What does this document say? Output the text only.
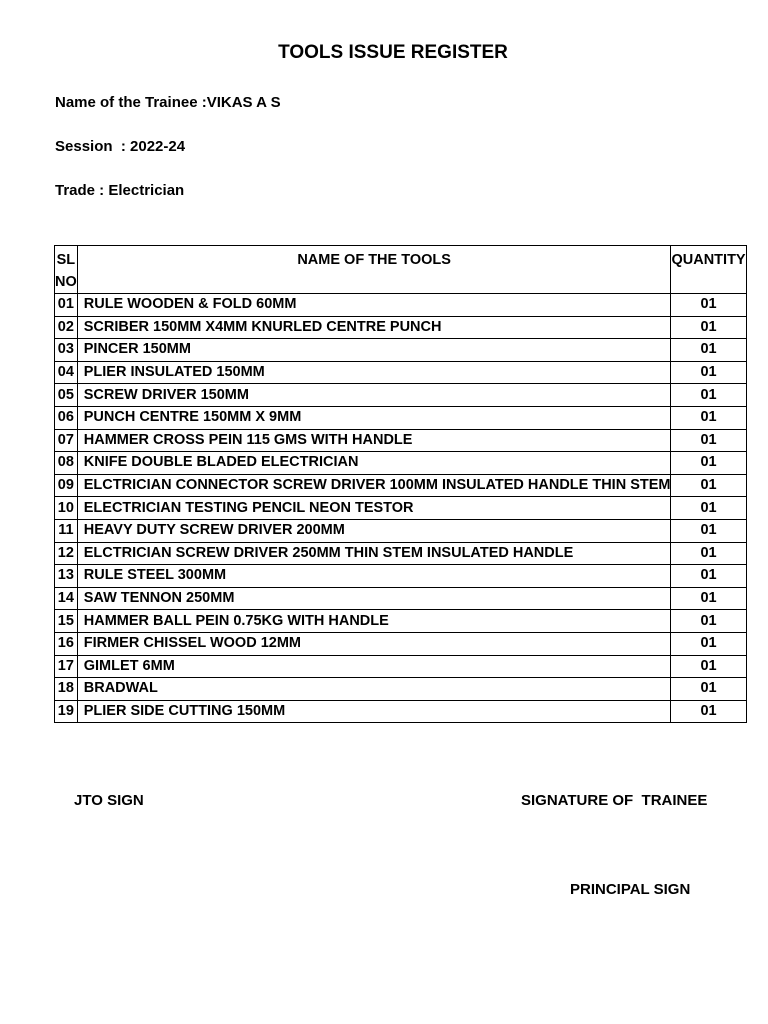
TOOLS ISSUE REGISTER
Name of the Trainee :VIKAS A S
Session  : 2022-24
Trade : Electrician
SL NO	NAME OF THE TOOLS	QUANTITY
01	RULE WOODEN & FOLD 60MM	01
02	SCRIBER 150MM X4MM KNURLED CENTRE PUNCH	01
03	PINCER 150MM	01
04	PLIER INSULATED 150MM	01
05	SCREW DRIVER 150MM	01
06	PUNCH CENTRE 150MM X 9MM	01
07	HAMMER CROSS PEIN 115 GMS WITH HANDLE	01
08	KNIFE DOUBLE BLADED ELECTRICIAN	01
09	ELCTRICIAN CONNECTOR SCREW DRIVER 100MM INSULATED HANDLE THIN STEM	01
10	ELECTRICIAN TESTING PENCIL NEON TESTOR	01
11	HEAVY DUTY SCREW DRIVER 200MM	01
12	ELCTRICIAN SCREW DRIVER 250MM THIN STEM INSULATED HANDLE	01
13	RULE STEEL 300MM	01
14	SAW TENNON 250MM	01
15	HAMMER BALL PEIN 0.75KG WITH HANDLE	01
16	FIRMER CHISSEL WOOD 12MM	01
17	GIMLET 6MM	01
18	BRADWAL	01
19	PLIER SIDE CUTTING 150MM	01
JTO SIGN	SIGNATURE OF  TRAINEE
PRINCIPAL SIGN
